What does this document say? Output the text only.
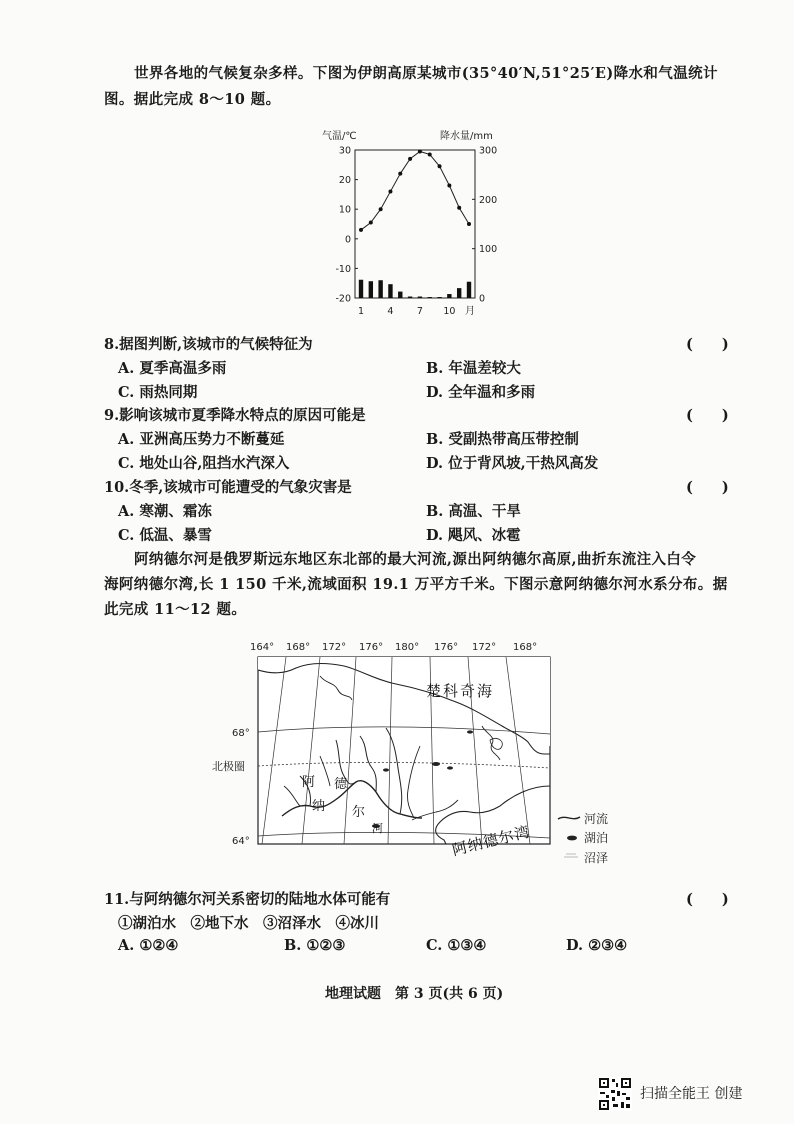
世界各地的气候复杂多样。下图为伊朗高原某城市(35°40′N,51°25′E)降水和气温统计
图。据此完成 8～10 题。
气温/℃	降水量/mm
30
20
10
0
-10
-20
300
200
100
0
1 4 7 10 月
8.据图判断,该城市的气候特征为	(　　)
A. 夏季高温多雨	B. 年温差较大
C. 雨热同期	D. 全年温和多雨
9.影响该城市夏季降水特点的原因可能是	(　　)
A. 亚洲高压势力不断蔓延	B. 受副热带高压带控制
C. 地处山谷,阻挡水汽深入	D. 位于背风坡,干热风高发
10.冬季,该城市可能遭受的气象灾害是	(　　)
A. 寒潮、霜冻	B. 高温、干旱
C. 低温、暴雪	D. 飓风、冰雹
阿纳德尔河是俄罗斯远东地区东北部的最大河流,源出阿纳德尔高原,曲折东流注入白令
海阿纳德尔湾,长 1 150 千米,流域面积 19.1 万平方千米。下图示意阿纳德尔河水系分布。据
此完成 11～12 题。
164° 168° 172° 176° 180° 176° 172° 168°
楚科奇海
阿纳德尔湾
阿
纳
德
尔
河
68°
北极圈
64°
河流
湖泊
沼泽
11.与阿纳德尔河关系密切的陆地水体可能有	(　　)
①湖泊水　②地下水　③沼泽水　④冰川
A. ①②④	B. ①②③	C. ①③④	D. ②③④
地理试题　第 3 页(共 6 页)
扫描全能王 创建
